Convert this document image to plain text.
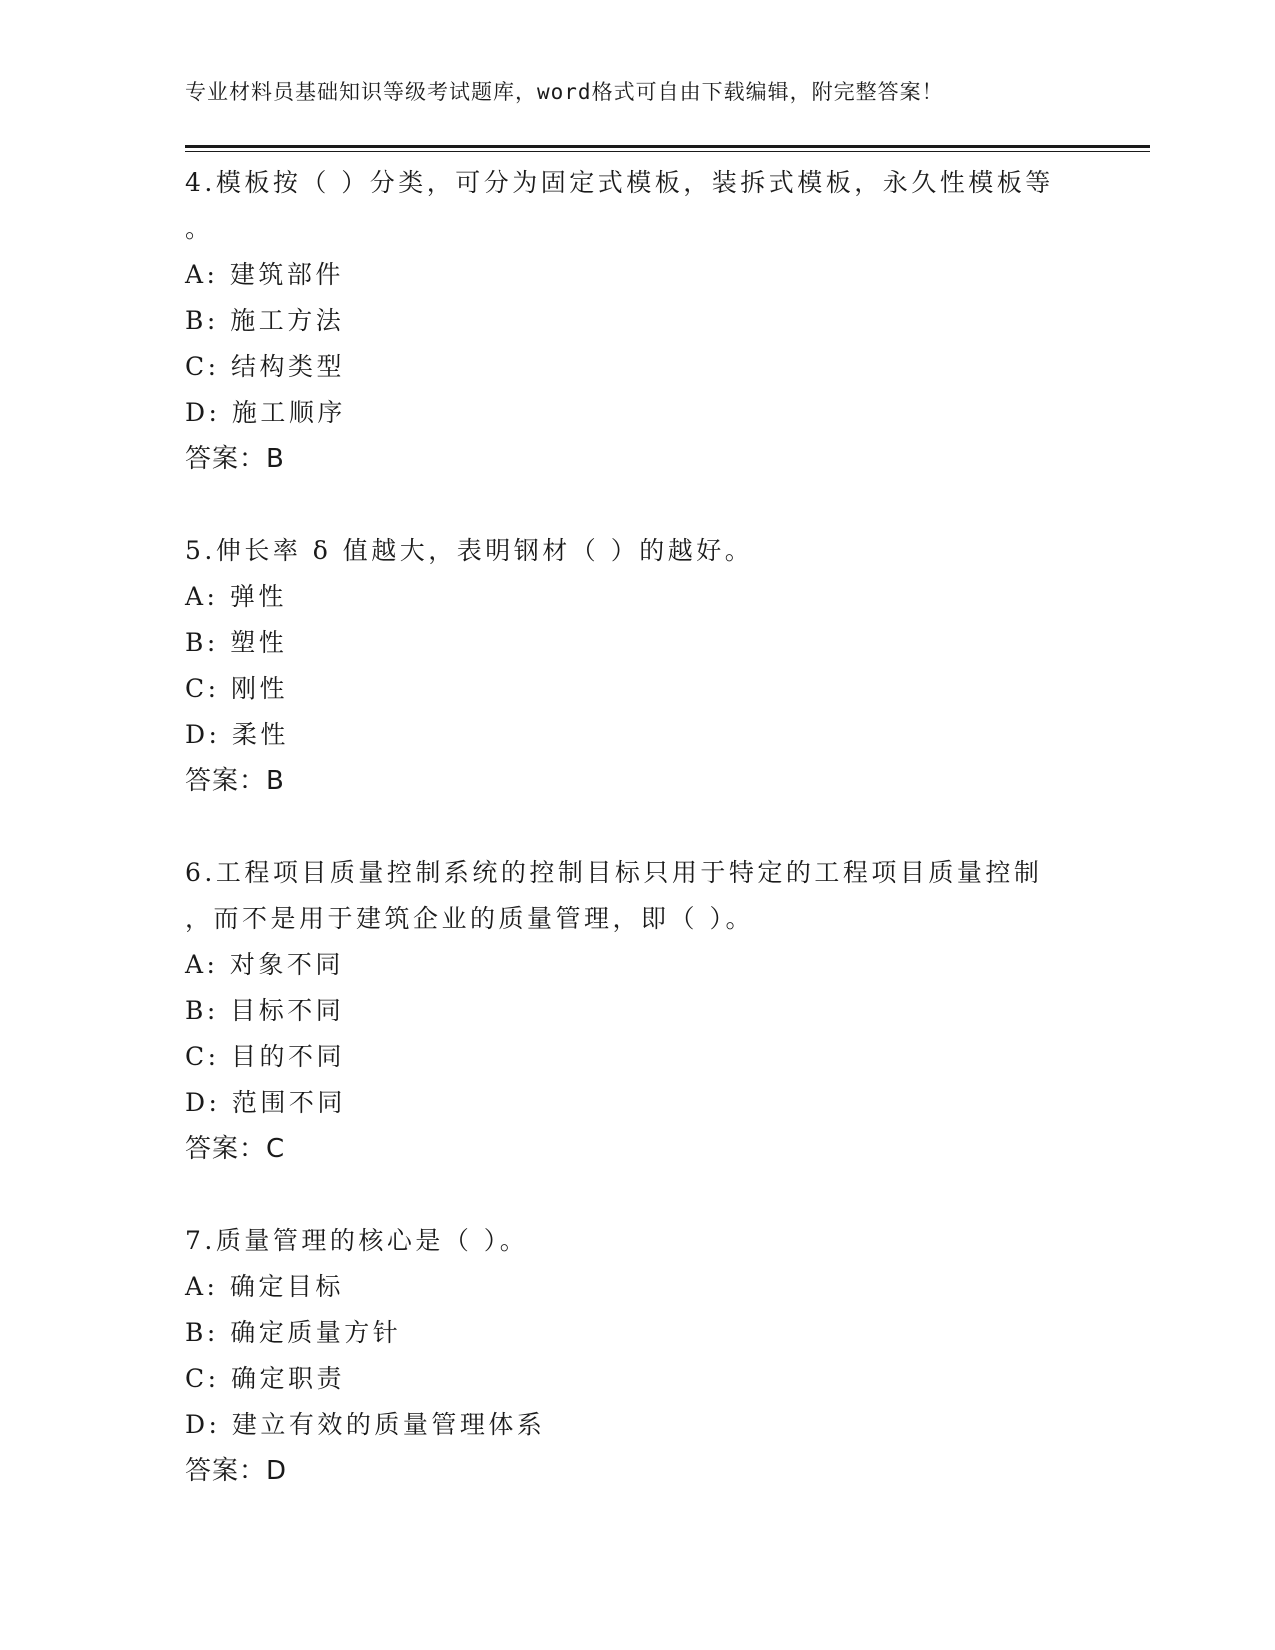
专业材料员基础知识等级考试题库，word格式可自由下载编辑，附完整答案！
4.模板按（ ）分类，可分为固定式模板，装拆式模板，永久性模板等
。
A: 建筑部件
B: 施工方法
C: 结构类型
D: 施工顺序
答案：B
5.伸长率 δ 值越大，表明钢材（ ）的越好。
A: 弹性
B: 塑性
C: 刚性
D: 柔性
答案：B
6.工程项目质量控制系统的控制目标只用于特定的工程项目质量控制
，而不是用于建筑企业的质量管理，即（ ）。
A: 对象不同
B: 目标不同
C: 目的不同
D: 范围不同
答案：C
7.质量管理的核心是（ ）。
A: 确定目标
B: 确定质量方针
C: 确定职责
D: 建立有效的质量管理体系
答案：D
